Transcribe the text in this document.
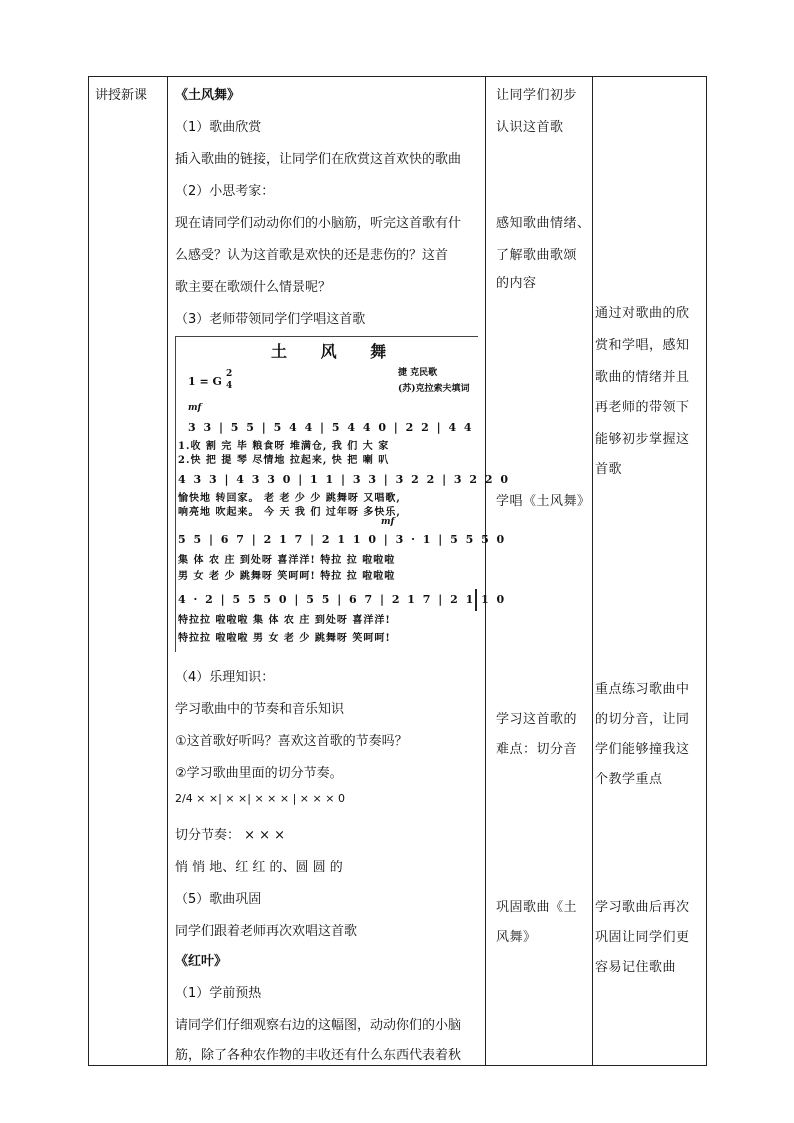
讲授新课 《土风舞》
（1）歌曲欣赏
插入歌曲的链接，让同学们在欣赏这首欢快的歌曲
（2）小思考家：
现在请同学们动动你们的小脑筋，听完这首歌有什
么感受？认为这首歌是欢快的还是悲伤的？这首
歌主要在歌颂什么情景呢？
（3）老师带领同学们学唱这首歌
土 风 舞
捷 克民歌
(苏)克拉索夫填词
1 = G
2
4
mf
3 3 | 5 5 | 5 4 4 | 5 4 4 0 | 2 2 | 4 4
1.收 割 完 毕 粮食呀 堆满仓, 我 们 大 家
2.快 把 提 琴 尽情地 拉起来, 快 把 喇 叭
4 3 3 | 4 3 3 0 | 1 1 | 3 3 | 3 2 2 | 3 2 2 0
愉快地 转回家。 老 老 少 少 跳舞呀 又唱歌,
响亮地 吹起来。 今 天 我 们 过年呀 多快乐,
mf
5 5 | 6 7 | 2 1 7 | 2 1 1 0 | 3 · 1 | 5 5 5 0
集 体 农 庄 到处呀 喜洋洋! 特拉 拉 啦啦啦
男 女 老 少 跳舞呀 笑呵呵! 特拉 拉 啦啦啦
4 · 2 | 5 5 5 0 | 5 5 | 6 7 | 2 1 7 | 2 1 1 0
特拉拉 啦啦啦 集 体 农 庄 到处呀 喜洋洋!
特拉拉 啦啦啦 男 女 老 少 跳舞呀 笑呵呵!
（4）乐理知识：
学习歌曲中的节奏和音乐知识
①这首歌好听吗？喜欢这首歌的节奏吗？
②学习歌曲里面的切分节奏。
2/4 × ×| × ×| × × × | × × × 0
切分节奏： × × ×
悄 悄 地、红 红 的、圆 圆 的
（5）歌曲巩固
同学们跟着老师再次欢唱这首歌
《红叶》
（1）学前预热
请同学们仔细观察右边的这幅图，动动你们的小脑
筋，除了各种农作物的丰收还有什么东西代表着秋
让同学们初步
认识这首歌
感知歌曲情绪、
了解歌曲歌颂
的内容
学唱《土风舞》
学习这首歌的
难点：切分音
巩固歌曲《土
风舞》
通过对歌曲的欣
赏和学唱，感知
歌曲的情绪并且
再老师的带领下
能够初步掌握这
首歌
重点练习歌曲中
的切分音，让同
学们能够撞我这
个教学重点
学习歌曲后再次
巩固让同学们更
容易记住歌曲
